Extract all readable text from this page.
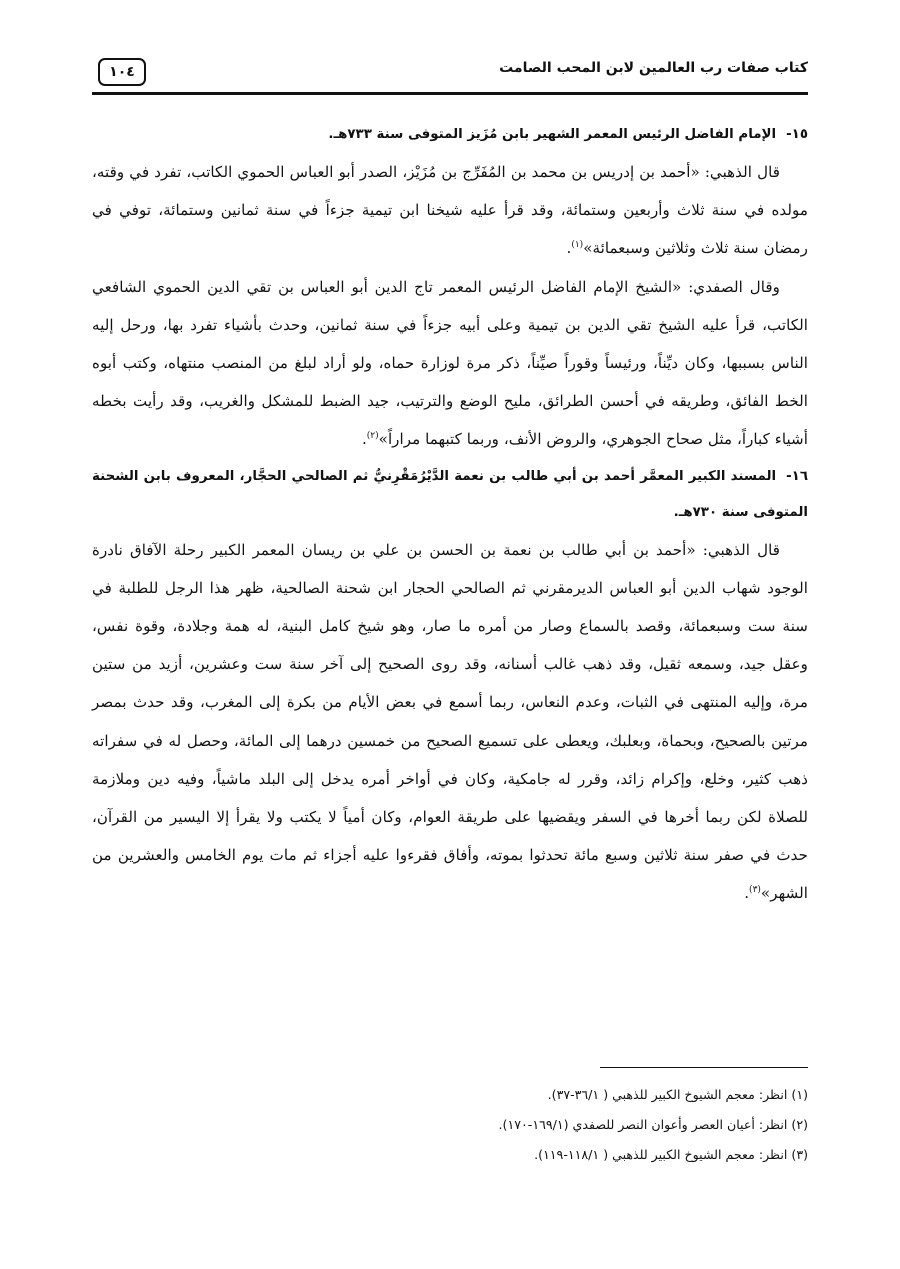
كتاب صفات رب العالمين لابن المحب الصامت
١٠٤

١٥-الإمام الفاضل الرئيس المعمر الشهير بابن مُزَيز المتوفى سنة ٧٣٣هـ.

قال الذهبي: «أحمد بن إدريس بن محمد بن المُفَرِّج بن مُزَيْز، الصدر أبو العباس الحموي الكاتب، تفرد في وقته، مولده في سنة ثلاث وأربعين وستمائة، وقد قرأ عليه شيخنا ابن تيمية جزءاً في سنة ثمانين وستمائة، توفي في رمضان سنة ثلاث وثلاثين وسبعمائة»$^{(١)}$.

وقال الصفدي: «الشيخ الإمام الفاضل الرئيس المعمر تاج الدين أبو العباس بن تقي الدين الحموي الشافعي الكاتب، قرأ عليه الشيخ تقي الدين بن تيمية وعلى أبيه جزءاً في سنة ثمانين، وحدث بأشياء تفرد بها، ورحل إليه الناس بسببها، وكان ديِّناً، ورئيساً وقوراً صيِّناً، ذكر مرة لوزارة حماه، ولو أراد لبلغ من المنصب منتهاه، وكتب أبوه الخط الفائق، وطريقه في أحسن الطرائق، مليح الوضع والترتيب، جيد الضبط للمشكل والغريب، وقد رأيت بخطه أشياء كباراً، مثل صحاح الجوهري، والروض الأنف، وربما كتبهما مراراً»$^{(٢)}$.

١٦-المسند الكبير المعمَّر أحمد بن أبي طالب بن نعمة الدَّيْرُمَقْرِنيُّ ثم الصالحي الحجَّار، المعروف بابن الشحنة المتوفى سنة ٧٣٠هـ.

قال الذهبي: «أحمد بن أبي طالب بن نعمة بن الحسن بن علي بن ريسان المعمر الكبير رحلة الآفاق نادرة الوجود شهاب الدين أبو العباس الديرمقرني ثم الصالحي الحجار ابن شحنة الصالحية، ظهر هذا الرجل للطلبة في سنة ست وسبعمائة، وقصد بالسماع وصار من أمره ما صار، وهو شيخ كامل البنية، له همة وجلادة، وقوة نفس، وعقل جيد، وسمعه ثقيل، وقد ذهب غالب أسنانه، وقد روى الصحيح إلى آخر سنة ست وعشرين، أزيد من ستين مرة، وإليه المنتهى في الثبات، وعدم النعاس، ربما أسمع في بعض الأيام من بكرة إلى المغرب، وقد حدث بمصر مرتين بالصحيح، وبحماة، وبعلبك، ويعطى على تسميع الصحيح من خمسين درهما إلى المائة، وحصل له في سفراته ذهب كثير، وخلع، وإكرام زائد، وقرر له جامكية، وكان في أواخر أمره يدخل إلى البلد ماشياً، وفيه دين وملازمة للصلاة لكن ربما أخرها في السفر ويقضيها على طريقة العوام، وكان أمياً لا يكتب ولا يقرأ إلا اليسير من القرآن، حدث في صفر سنة ثلاثين وسبع مائة تحدثوا بموته، وأفاق فقرءوا عليه أجزاء ثم مات يوم الخامس والعشرين من الشهر»$^{(٣)}$.

(١) انظر: معجم الشيوخ الكبير للذهبي ( ٣٦/١-٣٧).
(٢) انظر: أعيان العصر وأعوان النصر للصفدي (١٦٩/١-١٧٠).
(٣) انظر: معجم الشيوخ الكبير للذهبي ( ١١٨/١-١١٩).
